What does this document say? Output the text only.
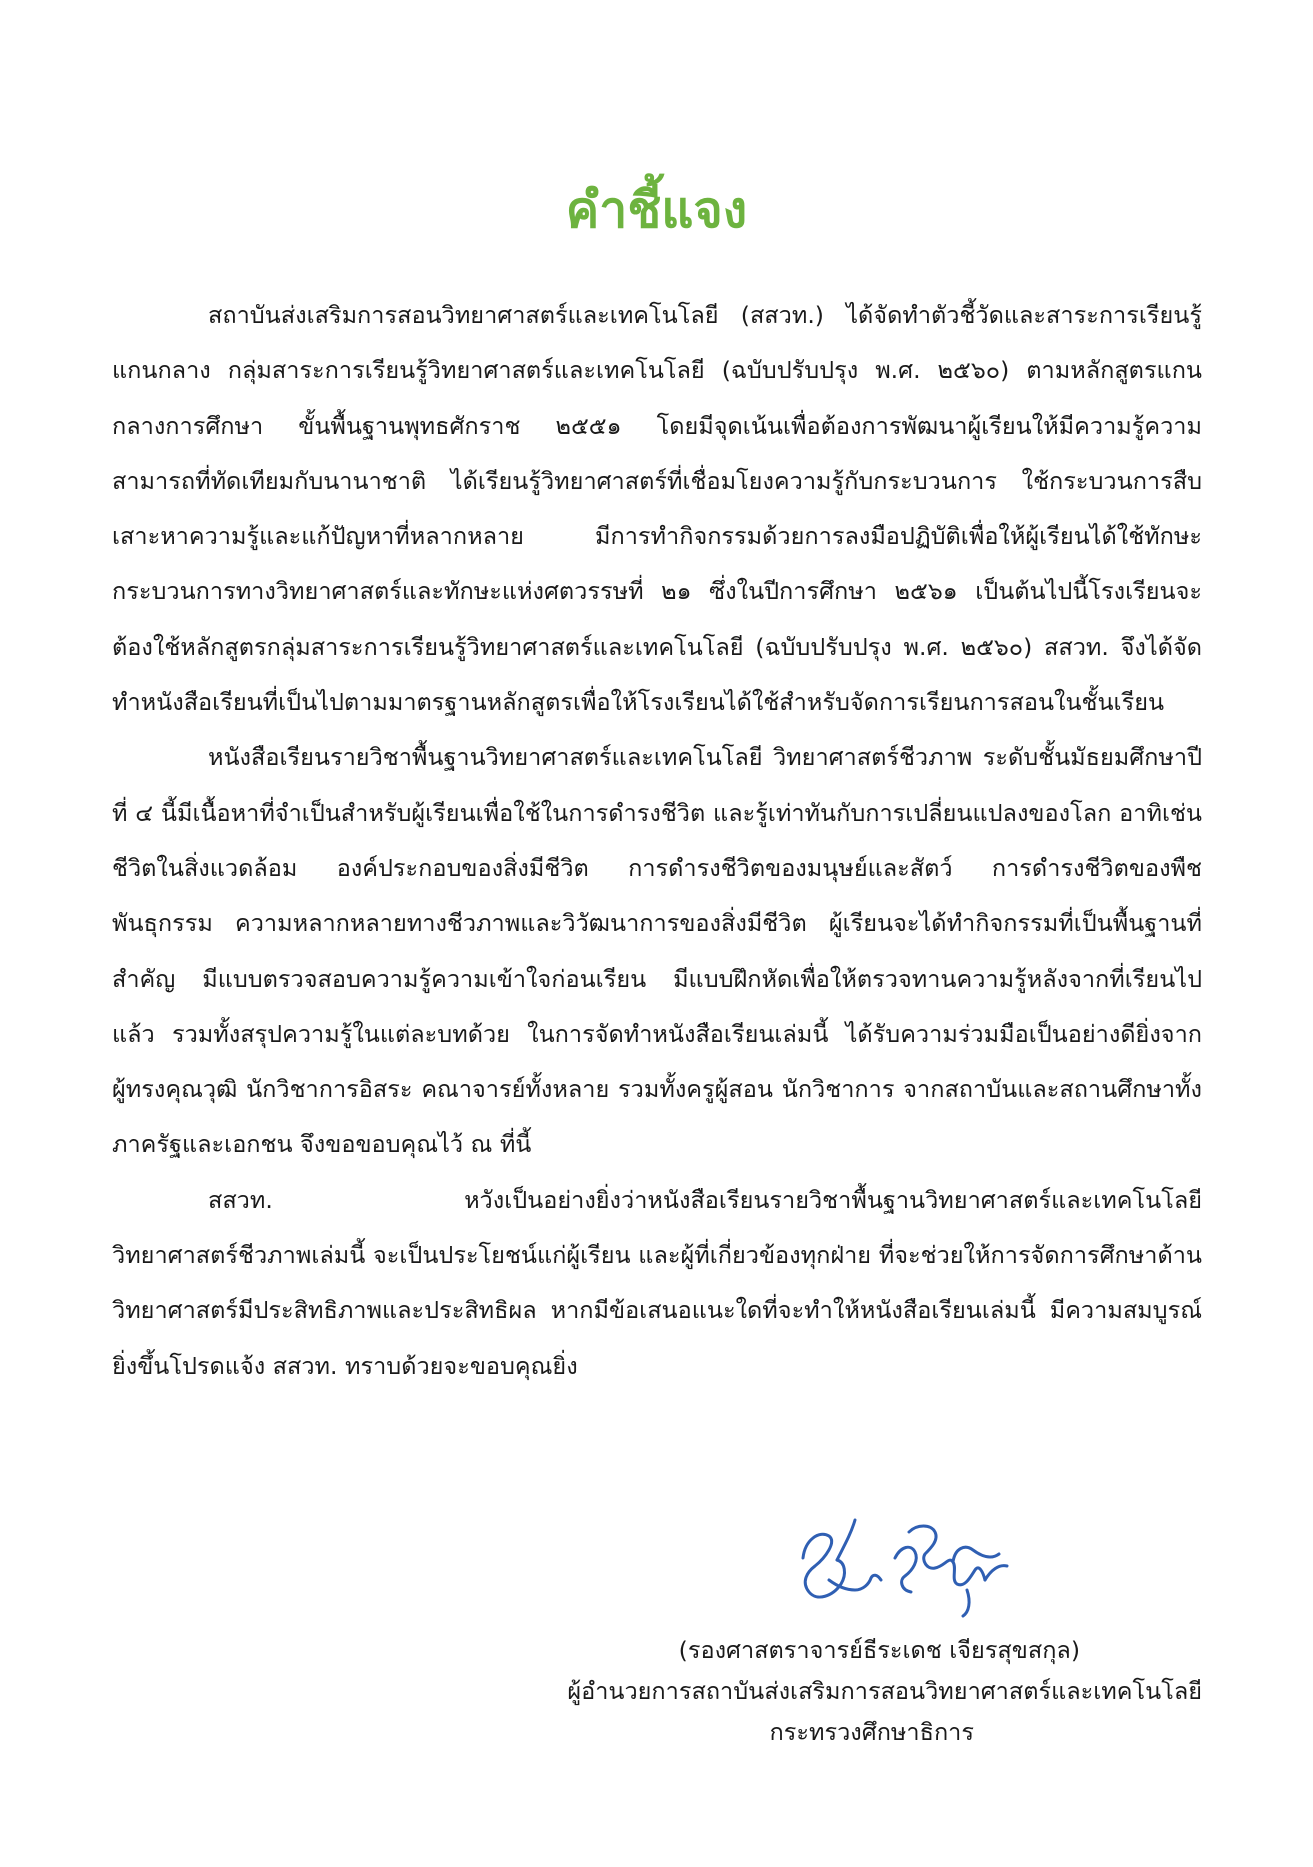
คำชี้แจง

สถาบันส่งเสริมการสอนวิทยาศาสตร์และเทคโนโลยี (สสวท.) ได้จัดทำตัวชี้วัดและสาระการเรียนรู้แกนกลาง กลุ่มสาระการเรียนรู้วิทยาศาสตร์และเทคโนโลยี (ฉบับปรับปรุง พ.ศ. ๒๕๖๐) ตามหลักสูตรแกนกลางการศึกษา ขั้นพื้นฐานพุทธศักราช ๒๕๕๑ โดยมีจุดเน้นเพื่อต้องการพัฒนาผู้เรียนให้มีความรู้ความสามารถที่ทัดเทียมกับนานาชาติ ได้เรียนรู้วิทยาศาสตร์ที่เชื่อมโยงความรู้กับกระบวนการ ใช้กระบวนการสืบเสาะหาความรู้และแก้ปัญหาที่หลากหลาย มีการทำกิจกรรมด้วยการลงมือปฏิบัติเพื่อให้ผู้เรียนได้ใช้ทักษะกระบวนการทางวิทยาศาสตร์และทักษะแห่งศตวรรษที่ ๒๑ ซึ่งในปีการศึกษา ๒๕๖๑ เป็นต้นไปนี้โรงเรียนจะต้องใช้หลักสูตรกลุ่มสาระการเรียนรู้วิทยาศาสตร์และเทคโนโลยี (ฉบับปรับปรุง พ.ศ. ๒๕๖๐) สสวท. จึงได้จัดทำหนังสือเรียนที่เป็นไปตามมาตรฐานหลักสูตรเพื่อให้โรงเรียนได้ใช้สำหรับจัดการเรียนการสอนในชั้นเรียน

หนังสือเรียนรายวิชาพื้นฐานวิทยาศาสตร์และเทคโนโลยี วิทยาศาสตร์ชีวภาพ ระดับชั้นมัธยมศึกษาปีที่ ๔ นี้มีเนื้อหาที่จำเป็นสำหรับผู้เรียนเพื่อใช้ในการดำรงชีวิต และรู้เท่าทันกับการเปลี่ยนแปลงของโลก อาทิเช่น ชีวิตในสิ่งแวดล้อม องค์ประกอบของสิ่งมีชีวิต การดำรงชีวิตของมนุษย์และสัตว์ การดำรงชีวิตของพืช พันธุกรรม ความหลากหลายทางชีวภาพและวิวัฒนาการของสิ่งมีชีวิต ผู้เรียนจะได้ทำกิจกรรมที่เป็นพื้นฐานที่สำคัญ มีแบบตรวจสอบความรู้ความเข้าใจก่อนเรียน มีแบบฝึกหัดเพื่อให้ตรวจทานความรู้หลังจากที่เรียนไปแล้ว รวมทั้งสรุปความรู้ในแต่ละบทด้วย ในการจัดทำหนังสือเรียนเล่มนี้ ได้รับความร่วมมือเป็นอย่างดียิ่งจากผู้ทรงคุณวุฒิ นักวิชาการอิสระ คณาจารย์ทั้งหลาย รวมทั้งครูผู้สอน นักวิชาการ จากสถาบันและสถานศึกษาทั้งภาครัฐและเอกชน จึงขอขอบคุณไว้ ณ ที่นี้

สสวท. หวังเป็นอย่างยิ่งว่าหนังสือเรียนรายวิชาพื้นฐานวิทยาศาสตร์และเทคโนโลยี วิทยาศาสตร์ชีวภาพเล่มนี้ จะเป็นประโยชน์แก่ผู้เรียน และผู้ที่เกี่ยวข้องทุกฝ่าย ที่จะช่วยให้การจัดการศึกษาด้านวิทยาศาสตร์มีประสิทธิภาพและประสิทธิผล หากมีข้อเสนอแนะใดที่จะทำให้หนังสือเรียนเล่มนี้ มีความสมบูรณ์ยิ่งขึ้นโปรดแจ้ง สสวท. ทราบด้วยจะขอบคุณยิ่ง

(รองศาสตราจารย์ธีระเดช เจียรสุขสกุล)
ผู้อำนวยการสถาบันส่งเสริมการสอนวิทยาศาสตร์และเทคโนโลยี
กระทรวงศึกษาธิการ
